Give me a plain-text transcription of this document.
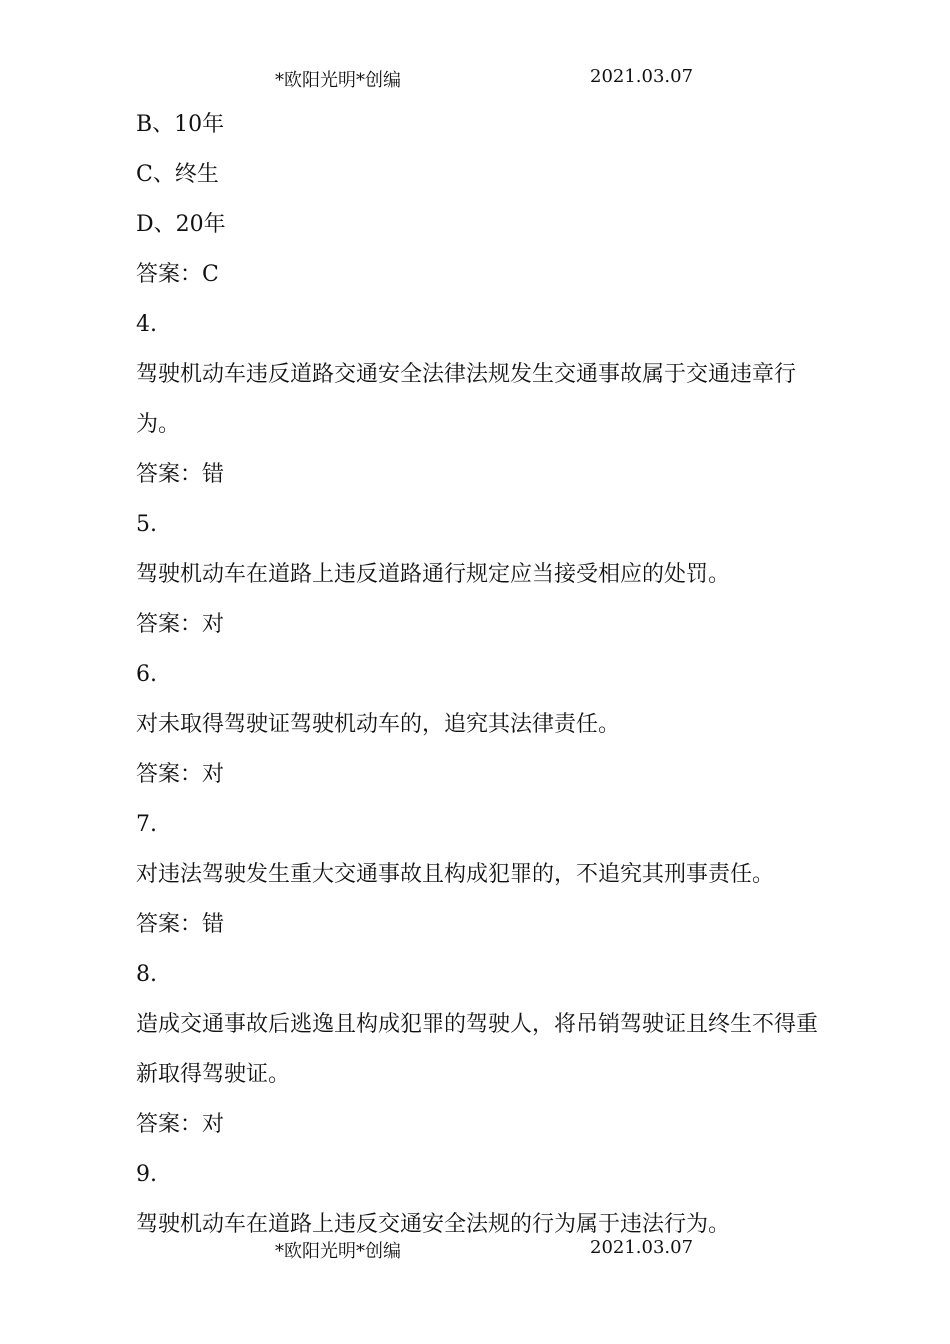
*欧阳光明*创编	2021.03.07
B、10年
C、终生
D、20年
答案：C
4.
驾驶机动车违反道路交通安全法律法规发生交通事故属于交通违章行为。
答案：错
5.
驾驶机动车在道路上违反道路通行规定应当接受相应的处罚。
答案：对
6.
对未取得驾驶证驾驶机动车的，追究其法律责任。
答案：对
7.
对违法驾驶发生重大交通事故且构成犯罪的，不追究其刑事责任。
答案：错
8.
造成交通事故后逃逸且构成犯罪的驾驶人，将吊销驾驶证且终生不得重新取得驾驶证。
答案：对
9.
驾驶机动车在道路上违反交通安全法规的行为属于违法行为。
*欧阳光明*创编	2021.03.07
